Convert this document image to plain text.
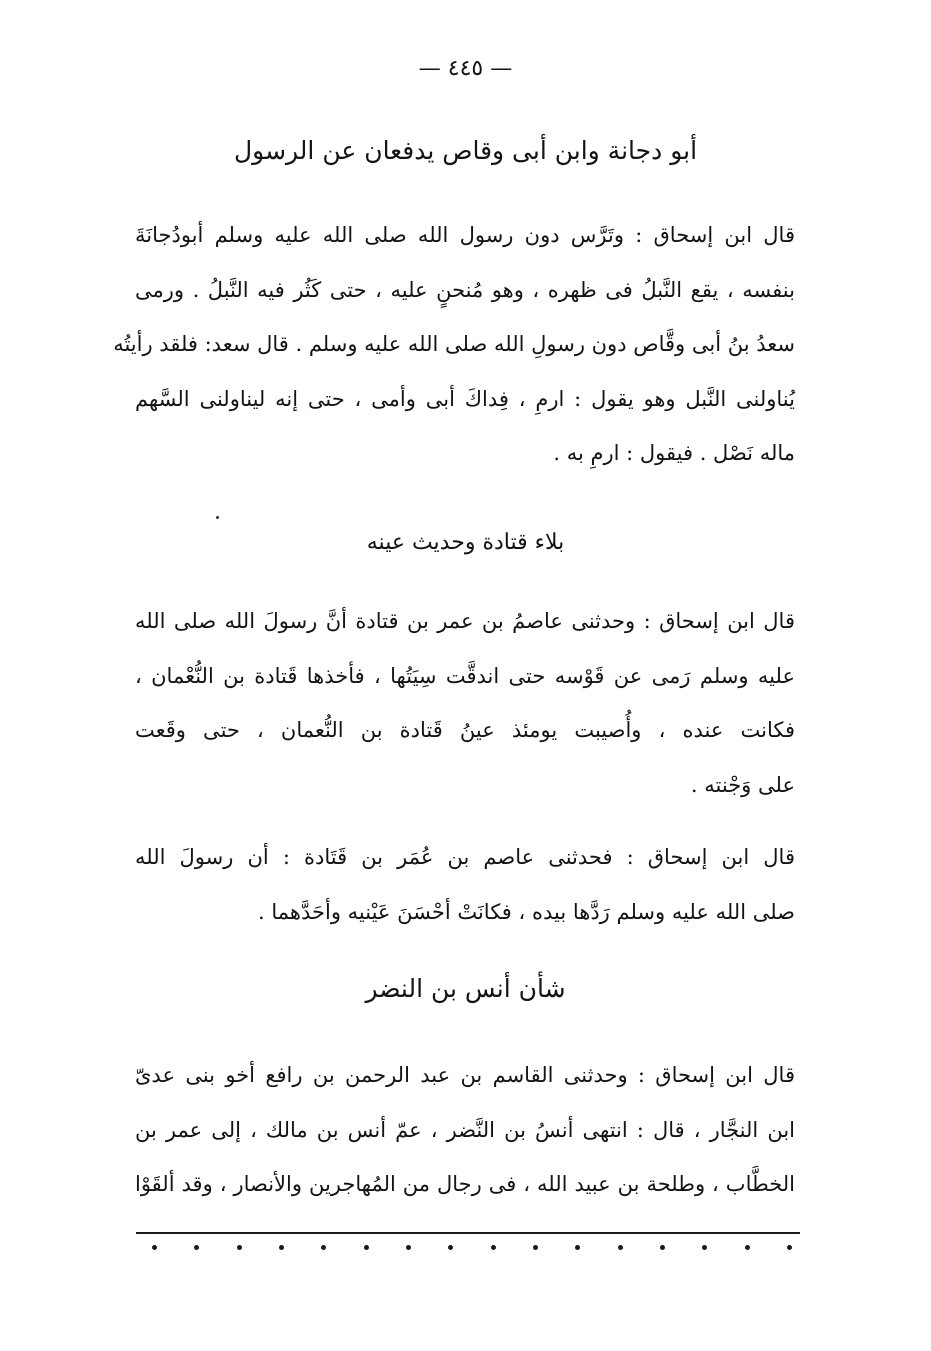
— ٤٤٥ —
أبو دجانة وابن أبى وقاص يدفعان عن الرسول
قال ابن إسحاق : وتَرَّس دون رسول الله صلى الله عليه وسلم أبودُجانَةَ
بنفسه ، يقع النَّبلُ فى ظهره ، وهو مُنحنٍ عليه ، حتى كَثُر فيه النَّبلُ . ورمى
سعدُ بنُ أبى وقَّاص دون رسولِ الله صلى الله عليه وسلم . قال سعد: فلقد رأيتُه
يُناولنى النَّبل وهو يقول : ارمِ ، فِداكَ أبى وأمى ، حتى إنه ليناولنى السَّهم
ماله نَصْل . فيقول : ارمِ به .
بلاء قتادة وحديث عينه
قال ابن إسحاق : وحدثنى عاصمُ بن عمر بن قتادة أنَّ رسولَ الله صلى الله
عليه وسلم رَمى عن قَوْسه حتى اندقَّت سِيَتُها ، فأخذها قَتادة بن النُّعْمان ،
فكانت عنده ، وأُصيبت يومئذ عينُ قَتادة بن النُّعمان ، حتى وقَعت
على وَجْنته .
قال ابن إسحاق : فحدثنى عاصم بن عُمَر بن قَتَادة : أن رسولَ الله
صلى الله عليه وسلم رَدَّها بيده ، فكانَتْ أحْسَنَ عَيْنيه وأحَدَّهما .
شأن أنس بن النضر
قال ابن إسحاق : وحدثنى القاسم بن عبد الرحمن بن رافع أخو بنى عدىّ
ابن النجَّار ، قال : انتهى أنسُ بن النَّضر ، عمّ أنس بن مالك ، إلى عمر بن
الخطَّاب ، وطلحة بن عبيد الله ، فى رجال من المُهاجرين والأنصار ، وقد ألقَوْا
